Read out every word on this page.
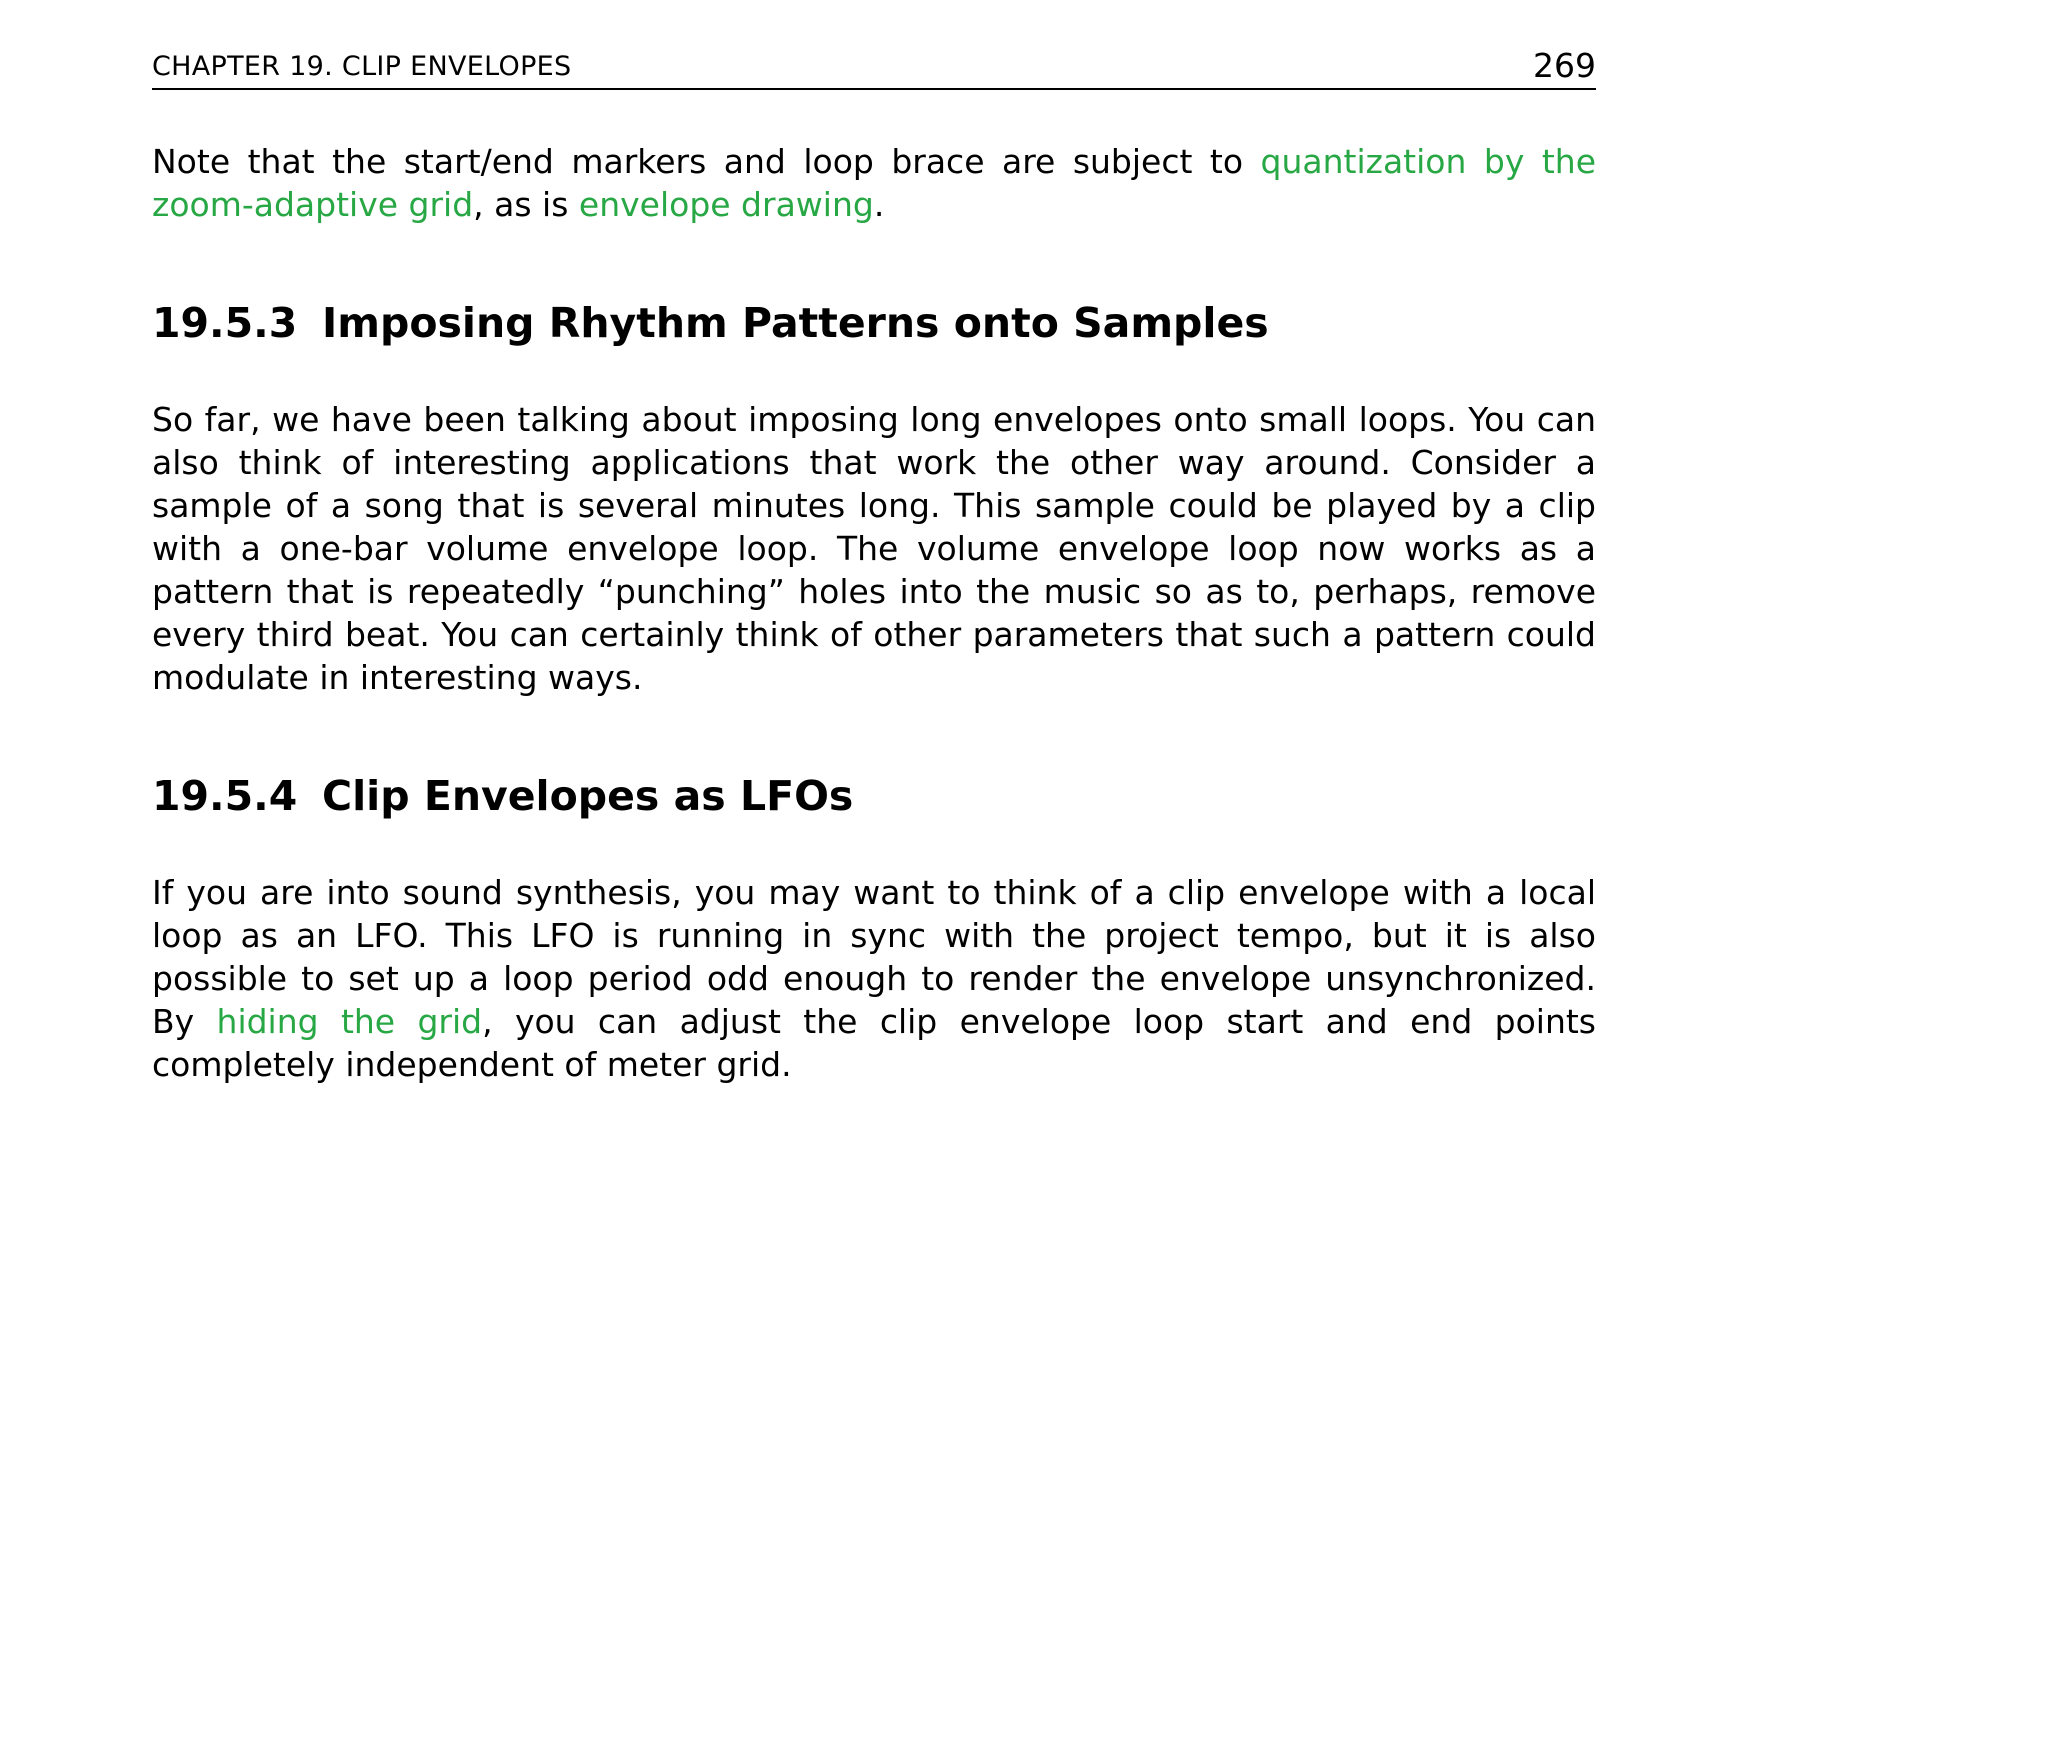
CHAPTER 19. CLIP ENVELOPES	269

Note that the start/end markers and loop brace are subject to quantization by the zoom-adaptive grid, as is envelope drawing.

19.5.3 Imposing Rhythm Patterns onto Samples

So far, we have been talking about imposing long envelopes onto small loops. You can also think of interesting applications that work the other way around. Consider a sample of a song that is several minutes long. This sample could be played by a clip with a one-bar volume envelope loop. The volume envelope loop now works as a pattern that is repeatedly “punching” holes into the music so as to, perhaps, remove every third beat. You can certainly think of other parameters that such a pattern could modulate in interesting ways.

19.5.4 Clip Envelopes as LFOs

If you are into sound synthesis, you may want to think of a clip envelope with a local loop as an LFO. This LFO is running in sync with the project tempo, but it is also possible to set up a loop period odd enough to render the envelope unsynchronized. By hiding the grid, you can adjust the clip envelope loop start and end points completely independent of meter grid.
